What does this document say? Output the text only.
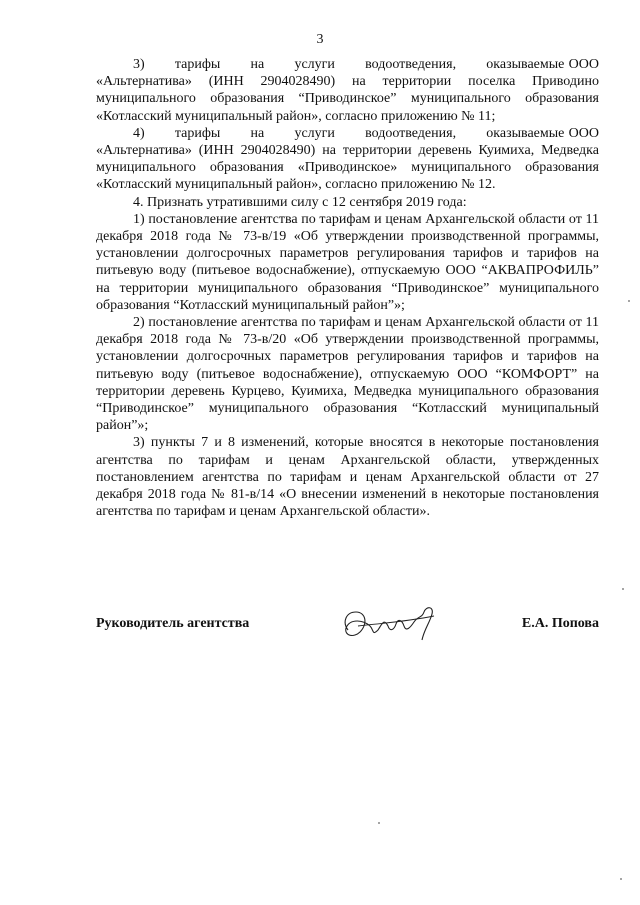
3

3)       тарифы       на       услуги       водоотведения,       оказываемые ООО «Альтернатива» (ИНН 2904028490) на территории поселка Приводино муниципального образования “Приводинское” муниципального образования «Котласский муниципальный район», согласно приложению № 11;

4)       тарифы       на       услуги       водоотведения,       оказываемые ООО «Альтернатива» (ИНН 2904028490) на территории деревень Куимиха, Медведка муниципального образования «Приводинское» муниципального образования «Котласский муниципальный район», согласно приложению № 12.

4. Признать утратившими силу с 12 сентября 2019 года:

1) постановление агентства по тарифам и ценам Архангельской области от 11 декабря 2018 года № 73-в/19 «Об утверждении производственной программы, установлении долгосрочных параметров регулирования тарифов и тарифов на питьевую воду (питьевое водоснабжение), отпускаемую ООО “АКВАПРОФИЛЬ” на территории муниципального образования “Приводинское” муниципального образования “Котласский муниципальный район”»;

2) постановление агентства по тарифам и ценам Архангельской области от 11 декабря 2018 года № 73-в/20 «Об утверждении производственной программы, установлении долгосрочных параметров регулирования тарифов и тарифов на питьевую воду (питьевое водоснабжение), отпускаемую ООО “КОМФОРТ” на территории деревень Курцево, Куимиха, Медведка муниципального образования “Приводинское” муниципального образования “Котласский муниципальный район”»;

3) пункты 7 и 8 изменений, которые вносятся в некоторые постановления агентства по тарифам и ценам Архангельской области, утвержденных постановлением агентства по тарифам и ценам Архангельской области от 27 декабря 2018 года № 81-в/14 «О внесении изменений в некоторые постановления агентства по тарифам и ценам Архангельской области».

Руководитель агентства	Е.А. Попова
